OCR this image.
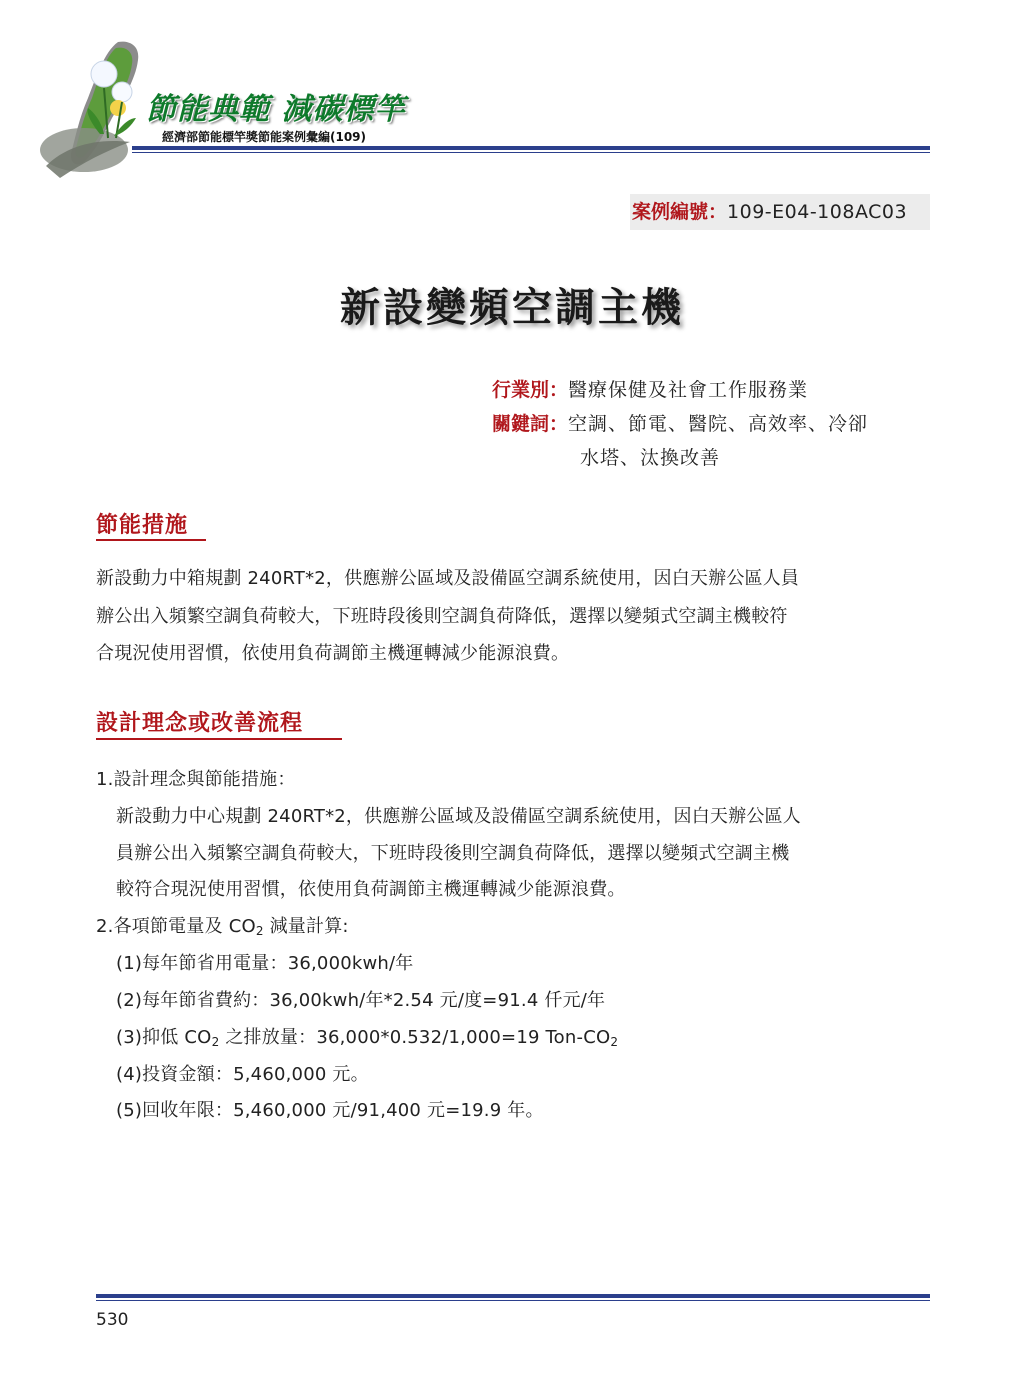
節能典範 減碳標竿
經濟部節能標竿獎節能案例彙編(109)
案例編號：109-E04-108AC03
新設變頻空調主機
行業別：醫療保健及社會工作服務業
關鍵詞：空調、節電、醫院、高效率、冷卻
水塔、汰換改善
節能措施
新設動力中箱規劃 240RT*2，供應辦公區域及設備區空調系統使用，因白天辦公區人員
辦公出入頻繁空調負荷較大，下班時段後則空調負荷降低，選擇以變頻式空調主機較符
合現況使用習慣，依使用負荷調節主機運轉減少能源浪費。
設計理念或改善流程
1.設計理念與節能措施：
新設動力中心規劃 240RT*2，供應辦公區域及設備區空調系統使用，因白天辦公區人
員辦公出入頻繁空調負荷較大，下班時段後則空調負荷降低，選擇以變頻式空調主機
較符合現況使用習慣，依使用負荷調節主機運轉減少能源浪費。
2.各項節電量及 $CO_2$ 減量計算:
(1)每年節省用電量：36,000kwh/年
(2)每年節省費約：36,00kwh/年*2.54 元/度=91.4 仟元/年
(3)抑低 $CO_2$ 之排放量：36,000*0.532/1,000=19 Ton-$CO_2$
(4)投資金額：5,460,000 元。
(5)回收年限：5,460,000 元/91,400 元=19.9 年。
530
